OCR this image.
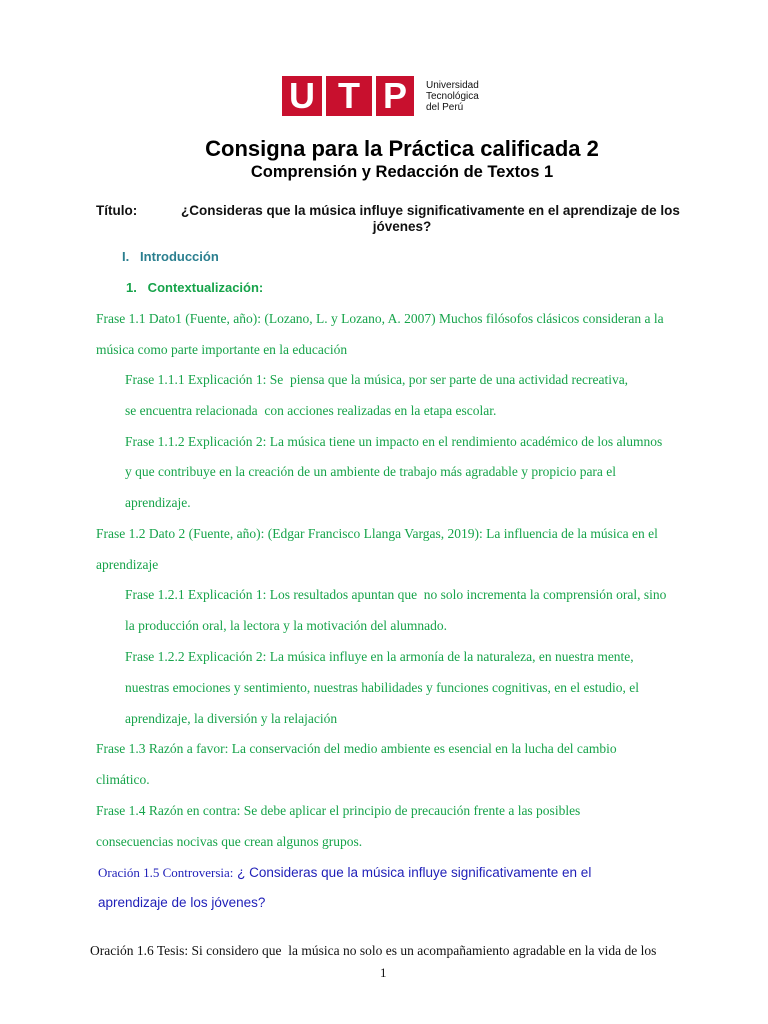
U T P	Universidad
Tecnológica
del Perú
Consigna para la Práctica calificada 2
Comprensión y Redacción de Textos 1
Título:	¿Consideras que la música influye significativamente en el aprendizaje de los
jóvenes?
I.   Introducción
1.   Contextualización:
Frase 1.1 Dato1 (Fuente, año): (Lozano, L. y Lozano, A. 2007) Muchos filósofos clásicos consideran a la
música como parte importante en la educación
Frase 1.1.1 Explicación 1: Se  piensa que la música, por ser parte de una actividad recreativa,
se encuentra relacionada  con acciones realizadas en la etapa escolar.
Frase 1.1.2 Explicación 2: La música tiene un impacto en el rendimiento académico de los alumnos
y que contribuye en la creación de un ambiente de trabajo más agradable y propicio para el
aprendizaje.
Frase 1.2 Dato 2 (Fuente, año): (Edgar Francisco Llanga Vargas, 2019): La influencia de la música en el
aprendizaje
Frase 1.2.1 Explicación 1: Los resultados apuntan que  no solo incrementa la comprensión oral, sino
la producción oral, la lectora y la motivación del alumnado.
Frase 1.2.2 Explicación 2: La música influye en la armonía de la naturaleza, en nuestra mente,
nuestras emociones y sentimiento, nuestras habilidades y funciones cognitivas, en el estudio, el
aprendizaje, la diversión y la relajación
Frase 1.3 Razón a favor: La conservación del medio ambiente es esencial en la lucha del cambio
climático.
Frase 1.4 Razón en contra: Se debe aplicar el principio de precaución frente a las posibles
consecuencias nocivas que crean algunos grupos.
Oración 1.5 Controversia: ¿ Consideras que la música influye significativamente en el
aprendizaje de los jóvenes?
Oración 1.6 Tesis: Si considero que  la música no solo es un acompañamiento agradable en la vida de los
1
